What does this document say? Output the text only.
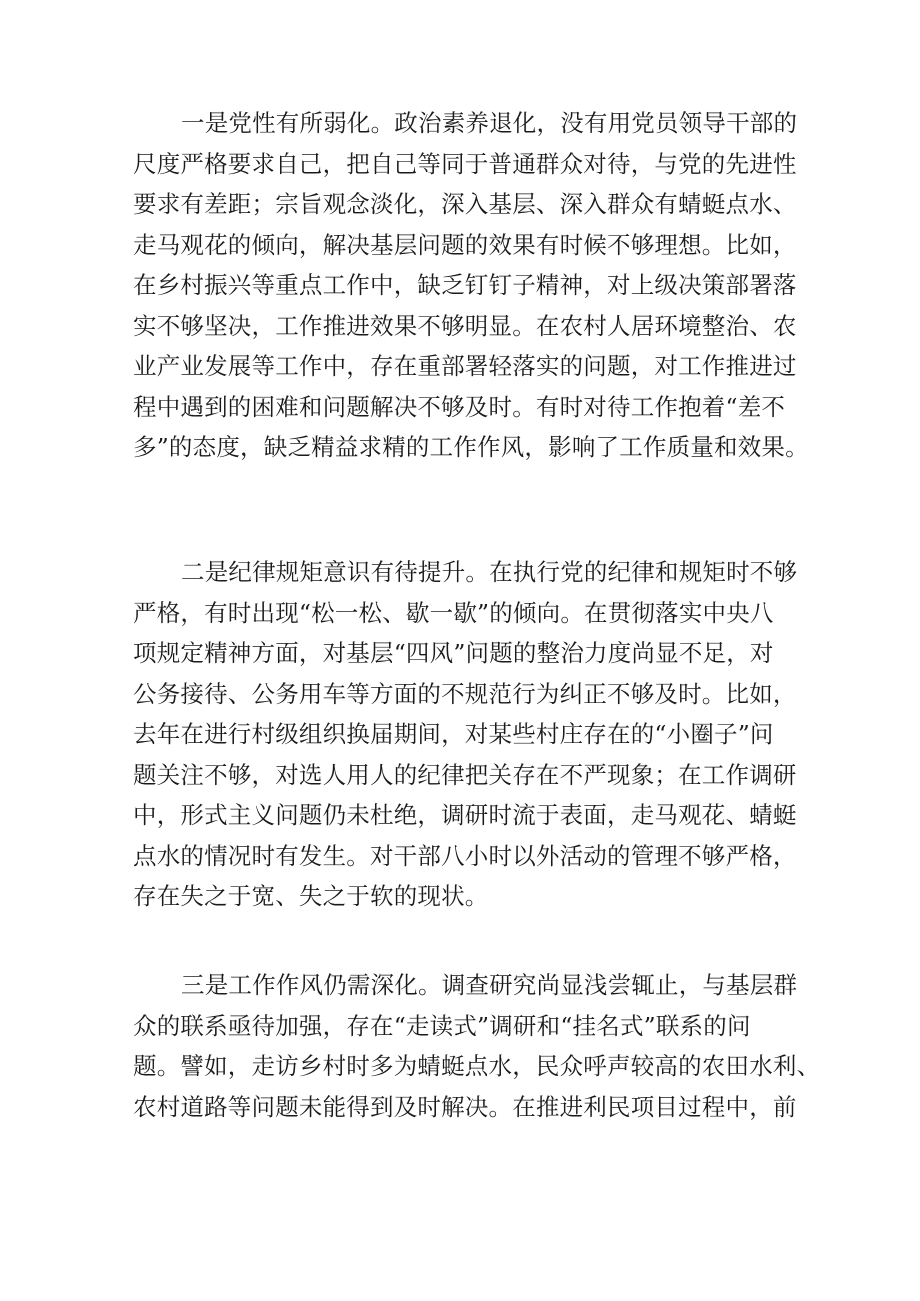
一是党性有所弱化。政治素养退化，没有用党员领导干部的
尺度严格要求自己，把自己等同于普通群众对待，与党的先进性
要求有差距；宗旨观念淡化，深入基层、深入群众有蜻蜓点水、
走马观花的倾向，解决基层问题的效果有时候不够理想。比如，
在乡村振兴等重点工作中，缺乏钉钉子精神，对上级决策部署落
实不够坚决，工作推进效果不够明显。在农村人居环境整治、农
业产业发展等工作中，存在重部署轻落实的问题，对工作推进过
程中遇到的困难和问题解决不够及时。有时对待工作抱着“差不
多”的态度，缺乏精益求精的工作作风，影响了工作质量和效果。

二是纪律规矩意识有待提升。在执行党的纪律和规矩时不够
严格，有时出现“松一松、歇一歇”的倾向。在贯彻落实中央八
项规定精神方面，对基层“四风”问题的整治力度尚显不足，对
公务接待、公务用车等方面的不规范行为纠正不够及时。比如，
去年在进行村级组织换届期间，对某些村庄存在的“小圈子”问
题关注不够，对选人用人的纪律把关存在不严现象；在工作调研
中，形式主义问题仍未杜绝，调研时流于表面，走马观花、蜻蜓
点水的情况时有发生。对干部八小时以外活动的管理不够严格，
存在失之于宽、失之于软的现状。

三是工作作风仍需深化。调查研究尚显浅尝辄止，与基层群
众的联系亟待加强，存在“走读式”调研和“挂名式”联系的问
题。譬如，走访乡村时多为蜻蜓点水，民众呼声较高的农田水利、
农村道路等问题未能得到及时解决。在推进利民项目过程中，前
